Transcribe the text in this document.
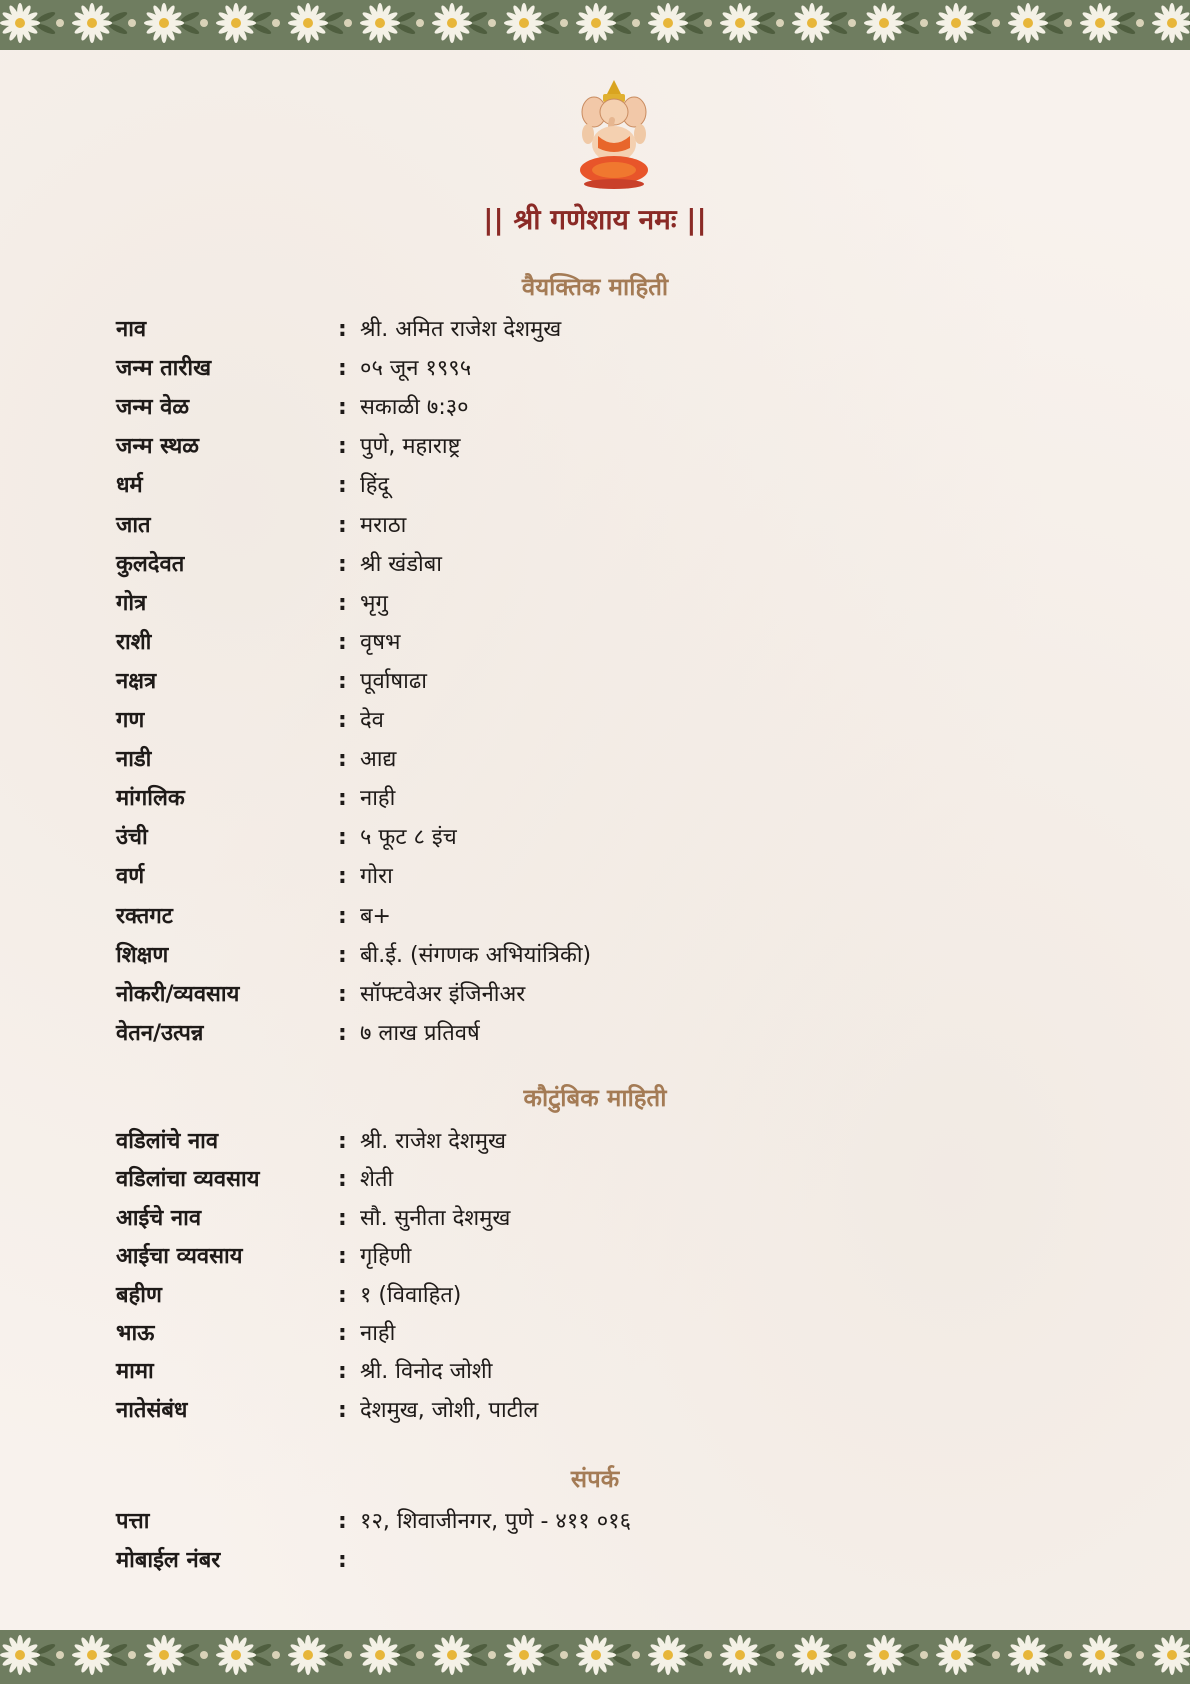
|| श्री गणेशाय नमः ||
वैयक्तिक माहिती
नाव	: श्री. अमित राजेश देशमुख
जन्म तारीख	: ०५ जून १९९५
जन्म वेळ	: सकाळी ७:३०
जन्म स्थळ	: पुणे, महाराष्ट्र
धर्म	: हिंदू
जात	: मराठा
कुलदेवत	: श्री खंडोबा
गोत्र	: भृगु
राशी	: वृषभ
नक्षत्र	: पूर्वाषाढा
गण	: देव
नाडी	: आद्य
मांगलिक	: नाही
उंची	: ५ फूट ८ इंच
वर्ण	: गोरा
रक्तगट	: ब+
शिक्षण	: बी.ई. (संगणक अभियांत्रिकी)
नोकरी/व्यवसाय	: सॉफ्टवेअर इंजिनीअर
वेतन/उत्पन्न	: ७ लाख प्रतिवर्ष
कौटुंबिक माहिती
वडिलांचे नाव	: श्री. राजेश देशमुख
वडिलांचा व्यवसाय	: शेती
आईचे नाव	: सौ. सुनीता देशमुख
आईचा व्यवसाय	: गृहिणी
बहीण	: १ (विवाहित)
भाऊ	: नाही
मामा	: श्री. विनोद जोशी
नातेसंबंध	: देशमुख, जोशी, पाटील
संपर्क
पत्ता	: १२, शिवाजीनगर, पुणे - ४११ ०१६
मोबाईल नंबर	:
